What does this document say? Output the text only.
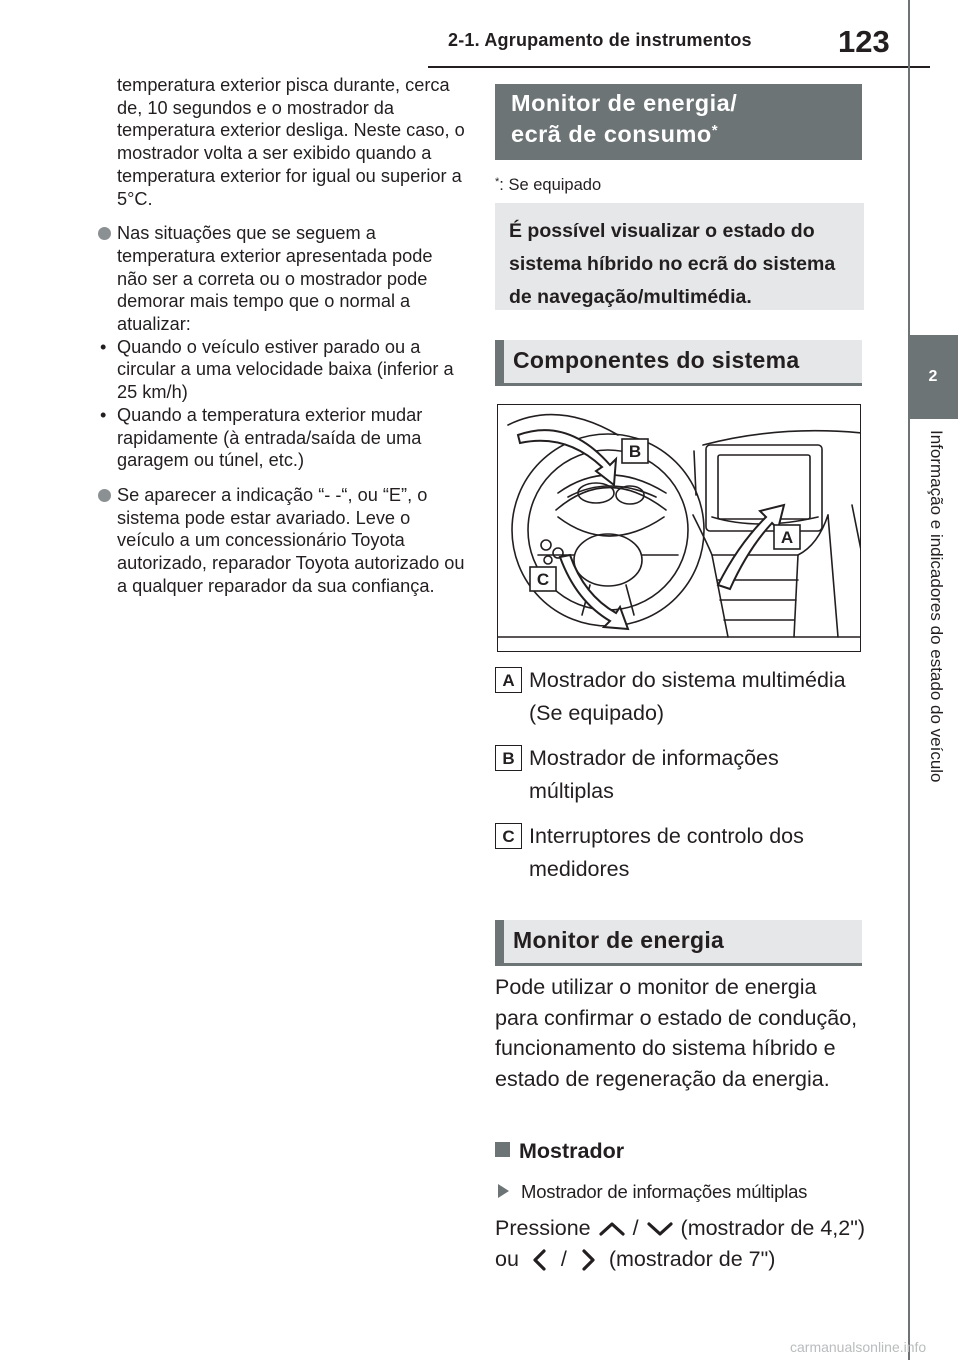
2-1. Agrupamento de instrumentos	123
2
Informação e indicadores do estado do veículo

temperatura exterior pisca durante, cerca de, 10 segundos e o mostrador da temperatura exterior desliga. Neste caso, o mostrador volta a ser exibido quando a temperatura exterior for igual ou superior a 5°C.

Nas situações que se seguem a temperatura exterior apresentada pode não ser a correta ou o mostrador pode demorar mais tempo que o normal a atualizar:

• Quando o veículo estiver parado ou a circular a uma velocidade baixa (inferior a 25 km/h)

• Quando a temperatura exterior mudar rapidamente (à entrada/saída de uma garagem ou túnel, etc.)

Se aparecer a indicação “- -“, ou “E”, o sistema pode estar avariado. Leve o veículo a um concessionário Toyota autorizado, reparador Toyota autorizado ou a qualquer reparador da sua confiança.

Monitor de energia/
ecrã de consumo*
*: Se equipado
É possível visualizar o estado do sistema híbrido no ecrã do sistema de navegação/multimédia.
Componentes do sistema
B
A
C
A Mostrador do sistema multimédia (Se equipado)
B Mostrador de informações múltiplas
C Interruptores de controlo dos medidores
Monitor de energia
Pode utilizar o monitor de energia para confirmar o estado de condução, funcionamento do sistema híbrido e estado de regeneração da energia.
Mostrador
Mostrador de informações múltiplas
Pressione / (mostrador de 4,2") ou / (mostrador de 7")
carmanualsonline.info
